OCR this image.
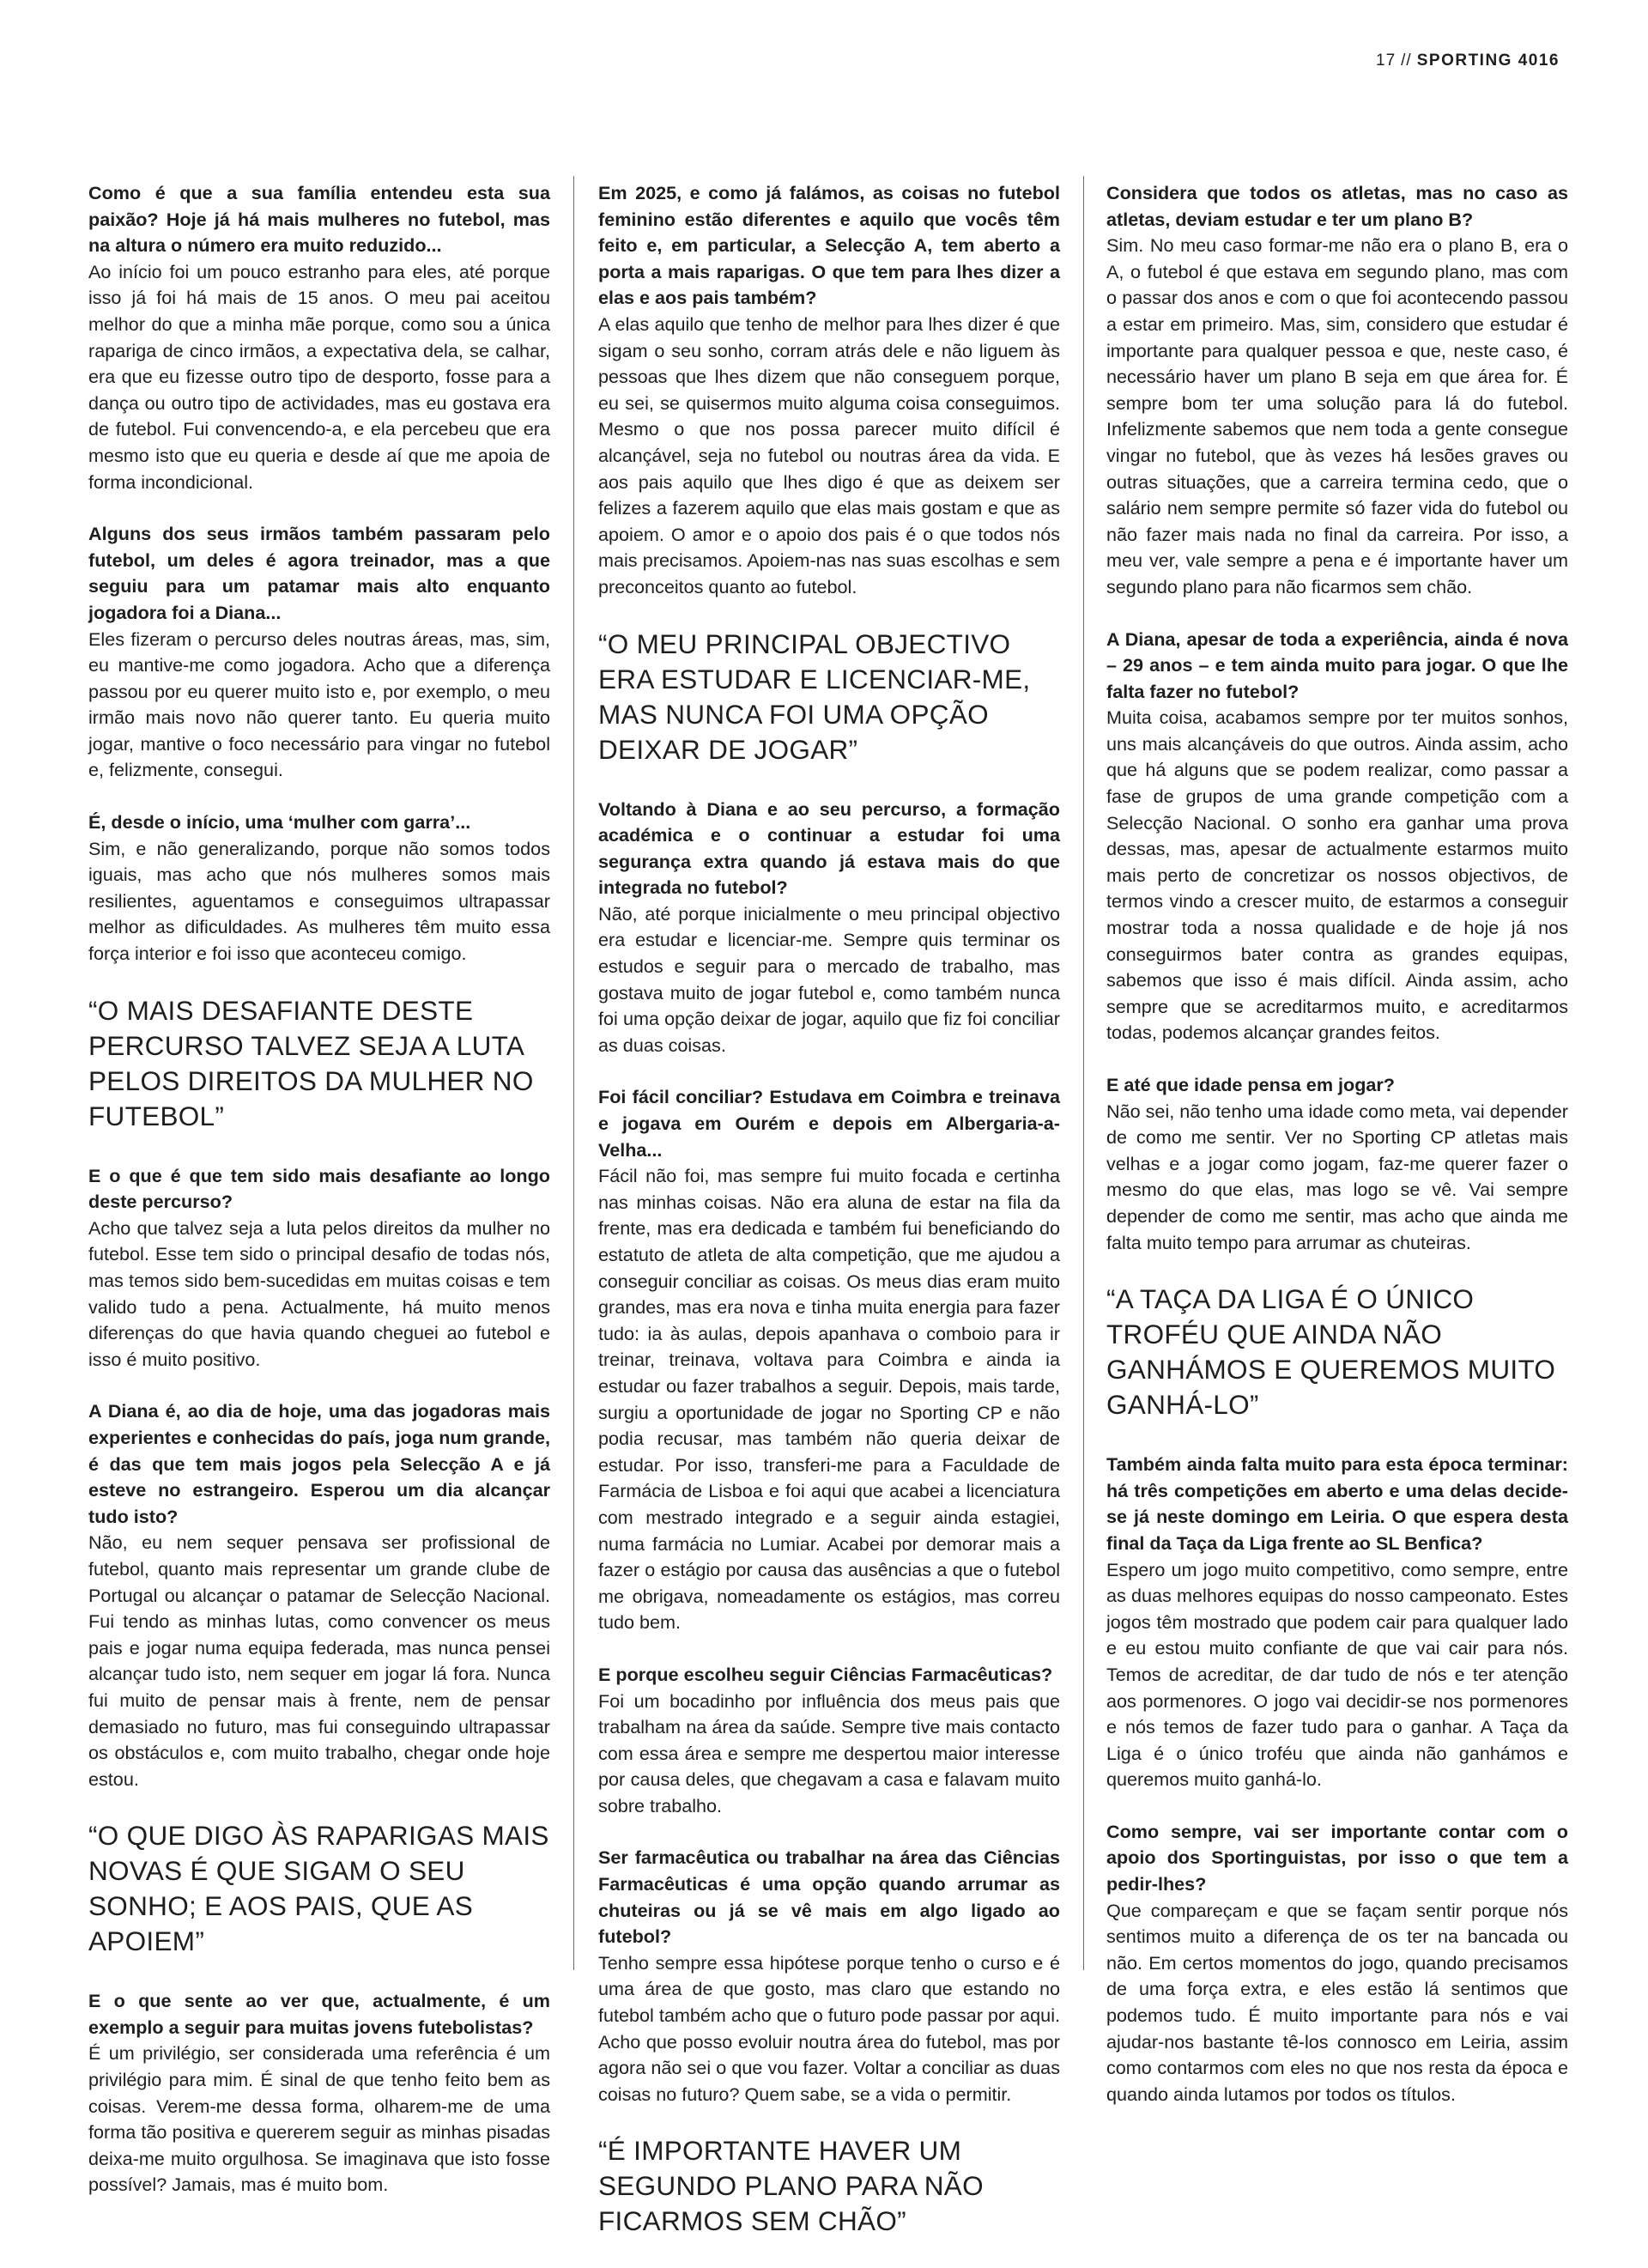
17 // SPORTING 4016

Como é que a sua família entendeu esta sua paixão? Hoje já há mais mulheres no futebol, mas na altura o número era muito reduzido...

Ao início foi um pouco estranho para eles, até porque isso já foi há mais de 15 anos. O meu pai aceitou melhor do que a minha mãe porque, como sou a única rapariga de cinco irmãos, a expectativa dela, se calhar, era que eu fizesse outro tipo de desporto, fosse para a dança ou outro tipo de actividades, mas eu gostava era de futebol. Fui convencendo-a, e ela percebeu que era mesmo isto que eu queria e desde aí que me apoia de forma incondicional.

Alguns dos seus irmãos também passaram pelo futebol, um deles é agora treinador, mas a que seguiu para um patamar mais alto enquanto jogadora foi a Diana...

Eles fizeram o percurso deles noutras áreas, mas, sim, eu mantive-me como jogadora. Acho que a diferença passou por eu querer muito isto e, por exemplo, o meu irmão mais novo não querer tanto. Eu queria muito jogar, mantive o foco necessário para vingar no futebol e, felizmente, consegui.

É, desde o início, uma ‘mulher com garra’...

Sim, e não generalizando, porque não somos todos iguais, mas acho que nós mulheres somos mais resilientes, aguentamos e conseguimos ultrapassar melhor as dificuldades. As mulheres têm muito essa força interior e foi isso que aconteceu comigo.

“O MAIS DESAFIANTE DESTE PERCURSO TALVEZ SEJA A LUTA PELOS DIREITOS DA MULHER NO FUTEBOL”

E o que é que tem sido mais desafiante ao longo deste percurso?

Acho que talvez seja a luta pelos direitos da mulher no futebol. Esse tem sido o principal desafio de todas nós, mas temos sido bem-sucedidas em muitas coisas e tem valido tudo a pena. Actualmente, há muito menos diferenças do que havia quando cheguei ao futebol e isso é muito positivo.

A Diana é, ao dia de hoje, uma das jogadoras mais experientes e conhecidas do país, joga num grande, é das que tem mais jogos pela Selecção A e já esteve no estrangeiro. Esperou um dia alcançar tudo isto?

Não, eu nem sequer pensava ser profissional de futebol, quanto mais representar um grande clube de Portugal ou alcançar o patamar de Selecção Nacional. Fui tendo as minhas lutas, como convencer os meus pais e jogar numa equipa federada, mas nunca pensei alcançar tudo isto, nem sequer em jogar lá fora. Nunca fui muito de pensar mais à frente, nem de pensar demasiado no futuro, mas fui conseguindo ultrapassar os obstáculos e, com muito trabalho, chegar onde hoje estou.

“O QUE DIGO ÀS RAPARIGAS MAIS NOVAS É QUE SIGAM O SEU SONHO; E AOS PAIS, QUE AS APOIEM”

E o que sente ao ver que, actualmente, é um exemplo a seguir para muitas jovens futebolistas?

É um privilégio, ser considerada uma referência é um privilégio para mim. É sinal de que tenho feito bem as coisas. Verem-me dessa forma, olharem-me de uma forma tão positiva e quererem seguir as minhas pisadas deixa-me muito orgulhosa. Se imaginava que isto fosse possível? Jamais, mas é muito bom.

Em 2025, e como já falámos, as coisas no futebol feminino estão diferentes e aquilo que vocês têm feito e, em particular, a Selecção A, tem aberto a porta a mais raparigas. O que tem para lhes dizer a elas e aos pais também?

A elas aquilo que tenho de melhor para lhes dizer é que sigam o seu sonho, corram atrás dele e não liguem às pessoas que lhes dizem que não conseguem porque, eu sei, se quisermos muito alguma coisa conseguimos. Mesmo o que nos possa parecer muito difícil é alcançável, seja no futebol ou noutras área da vida. E aos pais aquilo que lhes digo é que as deixem ser felizes a fazerem aquilo que elas mais gostam e que as apoiem. O amor e o apoio dos pais é o que todos nós mais precisamos. Apoiem-nas nas suas escolhas e sem preconceitos quanto ao futebol.

“O MEU PRINCIPAL OBJECTIVO ERA ESTUDAR E LICENCIAR-ME, MAS NUNCA FOI UMA OPÇÃO DEIXAR DE JOGAR”

Voltando à Diana e ao seu percurso, a formação académica e o continuar a estudar foi uma segurança extra quando já estava mais do que integrada no futebol?

Não, até porque inicialmente o meu principal objectivo era estudar e licenciar-me. Sempre quis terminar os estudos e seguir para o mercado de trabalho, mas gostava muito de jogar futebol e, como também nunca foi uma opção deixar de jogar, aquilo que fiz foi conciliar as duas coisas.

Foi fácil conciliar? Estudava em Coimbra e treinava e jogava em Ourém e depois em Albergaria-a-Velha...

Fácil não foi, mas sempre fui muito focada e certinha nas minhas coisas. Não era aluna de estar na fila da frente, mas era dedicada e também fui beneficiando do estatuto de atleta de alta competição, que me ajudou a conseguir conciliar as coisas. Os meus dias eram muito grandes, mas era nova e tinha muita energia para fazer tudo: ia às aulas, depois apanhava o comboio para ir treinar, treinava, voltava para Coimbra e ainda ia estudar ou fazer trabalhos a seguir. Depois, mais tarde, surgiu a oportunidade de jogar no Sporting CP e não podia recusar, mas também não queria deixar de estudar. Por isso, transferi-me para a Faculdade de Farmácia de Lisboa e foi aqui que acabei a licenciatura com mestrado integrado e a seguir ainda estagiei, numa farmácia no Lumiar. Acabei por demorar mais a fazer o estágio por causa das ausências a que o futebol me obrigava, nomeadamente os estágios, mas correu tudo bem.

E porque escolheu seguir Ciências Farmacêuticas?

Foi um bocadinho por influência dos meus pais que trabalham na área da saúde. Sempre tive mais contacto com essa área e sempre me despertou maior interesse por causa deles, que chegavam a casa e falavam muito sobre trabalho.

Ser farmacêutica ou trabalhar na área das Ciências Farmacêuticas é uma opção quando arrumar as chuteiras ou já se vê mais em algo ligado ao futebol?

Tenho sempre essa hipótese porque tenho o curso e é uma área de que gosto, mas claro que estando no futebol também acho que o futuro pode passar por aqui. Acho que posso evoluir noutra área do futebol, mas por agora não sei o que vou fazer. Voltar a conciliar as duas coisas no futuro? Quem sabe, se a vida o permitir.

“É IMPORTANTE HAVER UM SEGUNDO PLANO PARA NÃO FICARMOS SEM CHÃO”

Considera que todos os atletas, mas no caso as atletas, deviam estudar e ter um plano B?

Sim. No meu caso formar-me não era o plano B, era o A, o futebol é que estava em segundo plano, mas com o passar dos anos e com o que foi acontecendo passou a estar em primeiro. Mas, sim, considero que estudar é importante para qualquer pessoa e que, neste caso, é necessário haver um plano B seja em que área for. É sempre bom ter uma solução para lá do futebol. Infelizmente sabemos que nem toda a gente consegue vingar no futebol, que às vezes há lesões graves ou outras situações, que a carreira termina cedo, que o salário nem sempre permite só fazer vida do futebol ou não fazer mais nada no final da carreira. Por isso, a meu ver, vale sempre a pena e é importante haver um segundo plano para não ficarmos sem chão.

A Diana, apesar de toda a experiência, ainda é nova – 29 anos – e tem ainda muito para jogar. O que lhe falta fazer no futebol?

Muita coisa, acabamos sempre por ter muitos sonhos, uns mais alcançáveis do que outros. Ainda assim, acho que há alguns que se podem realizar, como passar a fase de grupos de uma grande competição com a Selecção Nacional. O sonho era ganhar uma prova dessas, mas, apesar de actualmente estarmos muito mais perto de concretizar os nossos objectivos, de termos vindo a crescer muito, de estarmos a conseguir mostrar toda a nossa qualidade e de hoje já nos conseguirmos bater contra as grandes equipas, sabemos que isso é mais difícil. Ainda assim, acho sempre que se acreditarmos muito, e acreditarmos todas, podemos alcançar grandes feitos.

E até que idade pensa em jogar?

Não sei, não tenho uma idade como meta, vai depender de como me sentir. Ver no Sporting CP atletas mais velhas e a jogar como jogam, faz-me querer fazer o mesmo do que elas, mas logo se vê. Vai sempre depender de como me sentir, mas acho que ainda me falta muito tempo para arrumar as chuteiras.

“A TAÇA DA LIGA É O ÚNICO TROFÉU QUE AINDA NÃO GANHÁMOS E QUEREMOS MUITO GANHÁ-LO”

Também ainda falta muito para esta época terminar: há três competições em aberto e uma delas decide-se já neste domingo em Leiria. O que espera desta final da Taça da Liga frente ao SL Benfica?

Espero um jogo muito competitivo, como sempre, entre as duas melhores equipas do nosso campeonato. Estes jogos têm mostrado que podem cair para qualquer lado e eu estou muito confiante de que vai cair para nós. Temos de acreditar, de dar tudo de nós e ter atenção aos pormenores. O jogo vai decidir-se nos pormenores e nós temos de fazer tudo para o ganhar. A Taça da Liga é o único troféu que ainda não ganhámos e queremos muito ganhá-lo.

Como sempre, vai ser importante contar com o apoio dos Sportinguistas, por isso o que tem a pedir-lhes?

Que compareçam e que se façam sentir porque nós sentimos muito a diferença de os ter na bancada ou não. Em certos momentos do jogo, quando precisamos de uma força extra, e eles estão lá sentimos que podemos tudo. É muito importante para nós e vai ajudar-nos bastante tê-los connosco em Leiria, assim como contarmos com eles no que nos resta da época e quando ainda lutamos por todos os títulos.
